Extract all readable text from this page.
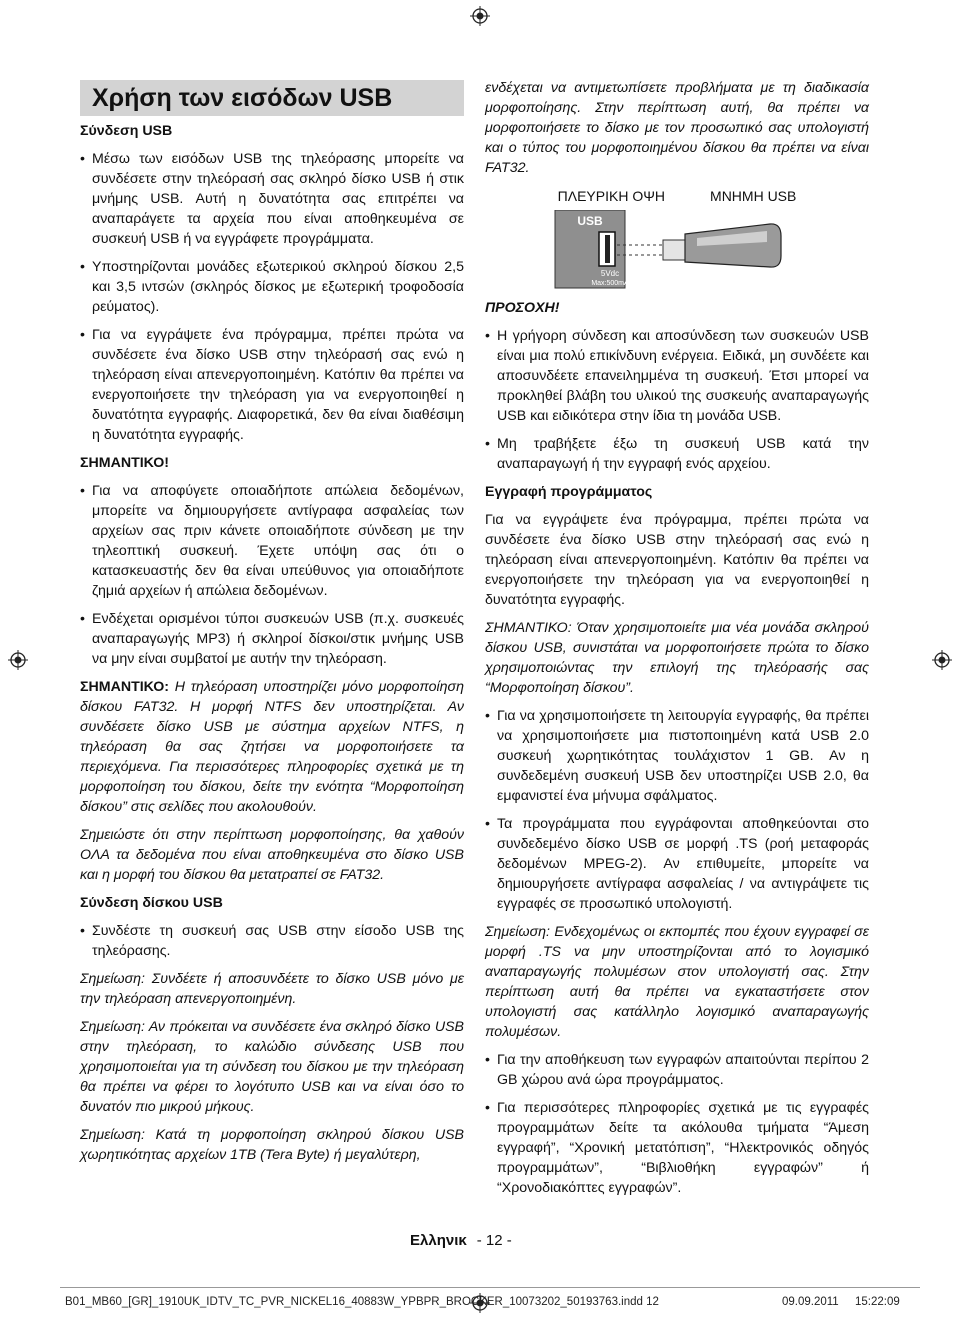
Χρήση των εισόδων USB
Σύνδεση USB
• Μέσω των εισόδων USB της τηλεόρασης μπορείτε να συνδέσετε στην τηλεόρασή σας σκληρό δίσκο USB ή στικ μνήμης USB. Αυτή η δυνατότητα σας επιτρέπει να αναπαράγετε τα αρχεία που είναι αποθηκευμένα σε συσκευή USB ή να εγγράφετε προγράμματα.
• Υποστηρίζονται μονάδες εξωτερικού σκληρού δίσκου 2,5 και 3,5 ιντσών (σκληρός δίσκος με εξωτερική τροφοδοσία ρεύματος).
• Για να εγγράψετε ένα πρόγραμμα, πρέπει πρώτα να συνδέσετε ένα δίσκο USB στην τηλεόρασή σας ενώ η τηλεόραση είναι απενεργοποιημένη. Κατόπιν θα πρέπει να ενεργοποιήσετε την τηλεόραση για να ενεργοποιηθεί η δυνατότητα εγγραφής. Διαφορετικά, δεν θα είναι διαθέσιμη η δυνατότητα εγγραφής.
ΣΗΜΑΝΤΙΚΟ!
• Για να αποφύγετε οποιαδήποτε απώλεια δεδομένων, μπορείτε να δημιουργήσετε αντίγραφα ασφαλείας των αρχείων σας πριν κάνετε οποιαδήποτε σύνδεση με την τηλεοπτική συσκευή. Έχετε υπόψη σας ότι ο κατασκευαστής δεν θα είναι υπεύθυνος για οποιαδήποτε ζημιά αρχείων ή απώλεια δεδομένων.
• Ενδέχεται ορισμένοι τύποι συσκευών USB (π.χ. συσκευές αναπαραγωγής MP3) ή σκληροί δίσκοι/στικ μνήμης USB να μην είναι συμβατοί με αυτήν την τηλεόραση.

ΣΗΜΑΝΤΙΚΟ: Η τηλεόραση υποστηρίζει μόνο μορφοποίηση δίσκου FAT32. Η μορφή NTFS δεν υποστηρίζεται. Αν συνδέσετε δίσκο USB με σύστημα αρχείων NTFS, η τηλεόραση θα σας ζητήσει να μορφοποιήσετε τα περιεχόμενα. Για περισσότερες πληροφορίες σχετικά με τη μορφοποίηση του δίσκου, δείτε την ενότητα “Μορφοποίηση δίσκου” στις σελίδες που ακολουθούν.

Σημειώστε ότι στην περίπτωση μορφοποίησης, θα χαθούν ΟΛΑ τα δεδομένα που είναι αποθηκευμένα στο δίσκο USB και η μορφή του δίσκου θα μετατραπεί σε FAT32.

Σύνδεση δίσκου USB
• Συνδέστε τη συσκευή σας USB στην είσοδο USB της τηλεόρασης.

Σημείωση: Συνδέετε ή αποσυνδέετε το δίσκο USB μόνο με την τηλεόραση απενεργοποιημένη.

Σημείωση: Αν πρόκειται να συνδέσετε ένα σκληρό δίσκο USB στην τηλεόραση, το καλώδιο σύνδεσης USB που χρησιμοποιείται για τη σύνδεση του δίσκου με την τηλεόραση θα πρέπει να φέρει το λογότυπο USB και να είναι όσο το δυνατόν πιο μικρού μήκους.

Σημείωση: Κατά τη μορφοποίηση σκληρού δίσκου USB χωρητικότητας αρχείων 1TB (Tera Byte) ή μεγαλύτερη,

ενδέχεται να αντιμετωπίσετε προβλήματα με τη διαδικασία μορφοποίησης. Στην περίπτωση αυτή, θα πρέπει να μορφοποιήσετε το δίσκο με τον προσωπικό σας υπολογιστή και ο τύπος του μορφοποιημένου δίσκου θα πρέπει να είναι FAT32.

ΠΛΕΥΡΙΚΗ ΟΨΗ	ΜΝΗΜΗ USB
USB
5Vdc
Max:500mA
ΠΡΟΣΟΧΗ!
• Η γρήγορη σύνδεση και αποσύνδεση των συσκευών USB είναι μια πολύ επικίνδυνη ενέργεια. Ειδικά, μη συνδέετε και αποσυνδέετε επανειλημμένα τη συσκευή. Έτσι μπορεί να προκληθεί βλάβη του υλικού της συσκευής αναπαραγωγής USB και ειδικότερα στην ίδια τη μονάδα USB.
• Μη τραβήξετε έξω τη συσκευή USB κατά την αναπαραγωγή ή την εγγραφή ενός αρχείου.
Εγγραφή προγράμματος

Για να εγγράψετε ένα πρόγραμμα, πρέπει πρώτα να συνδέσετε ένα δίσκο USB στην τηλεόρασή σας ενώ η τηλεόραση είναι απενεργοποιημένη. Κατόπιν θα πρέπει να ενεργοποιήσετε την τηλεόραση για να ενεργοποιηθεί η δυνατότητα εγγραφής.

ΣΗΜΑΝΤΙΚΟ: Όταν χρησιμοποιείτε μια νέα μονάδα σκληρού δίσκου USB, συνιστάται να μορφοποιήσετε πρώτα το δίσκο χρησιμοποιώντας την επιλογή της τηλεόρασής σας “Μορφοποίηση δίσκου”.

• Για να χρησιμοποιήσετε τη λειτουργία εγγραφής, θα πρέπει να χρησιμοποιήσετε μια πιστοποιημένη κατά USB 2.0 συσκευή χωρητικότητας τουλάχιστον 1 GB. Αν η συνδεδεμένη συσκευή USB δεν υποστηρίζει USB 2.0, θα εμφανιστεί ένα μήνυμα σφάλματος.
• Τα προγράμματα που εγγράφονται αποθηκεύονται στο συνδεδεμένο δίσκο USB σε μορφή .TS (ροή μεταφοράς δεδομένων MPEG-2). Αν επιθυμείτε, μπορείτε να δημιουργήσετε αντίγραφα ασφαλείας / να αντιγράψετε τις εγγραφές σε προσωπικό υπολογιστή.

Σημείωση: Ενδεχομένως οι εκπομπές που έχουν εγγραφεί σε μορφή .TS να μην υποστηρίζονται από το λογισμικό αναπαραγωγής πολυμέσων στον υπολογιστή σας. Στην περίπτωση αυτή θα πρέπει να εγκαταστήσετε στον υπολογιστή σας κατάλληλο λογισμικό αναπαραγωγής πολυμέσων.

• Για την αποθήκευση των εγγραφών απαιτούνται περίπου 2 GB χώρου ανά ώρα προγράμματος.
• Για περισσότερες πληροφορίες σχετικά με τις εγγραφές προγραμμάτων δείτε τα ακόλουθα τμήματα “Άμεση εγγραφή”, “Χρονική μετατόπιση”, “Ηλεκτρονικός οδηγός προγραμμάτων”, “Βιβλιοθήκη εγγραφών” ή “Χρονοδιακόπτες εγγραφών”.
Ελληνικ - 12 -
B01_MB60_[GR]_1910UK_IDTV_TC_PVR_NICKEL16_40883W_YPBPR_BROCKER_10073202_50193763.indd 12	09.09.2011 15:22:09
